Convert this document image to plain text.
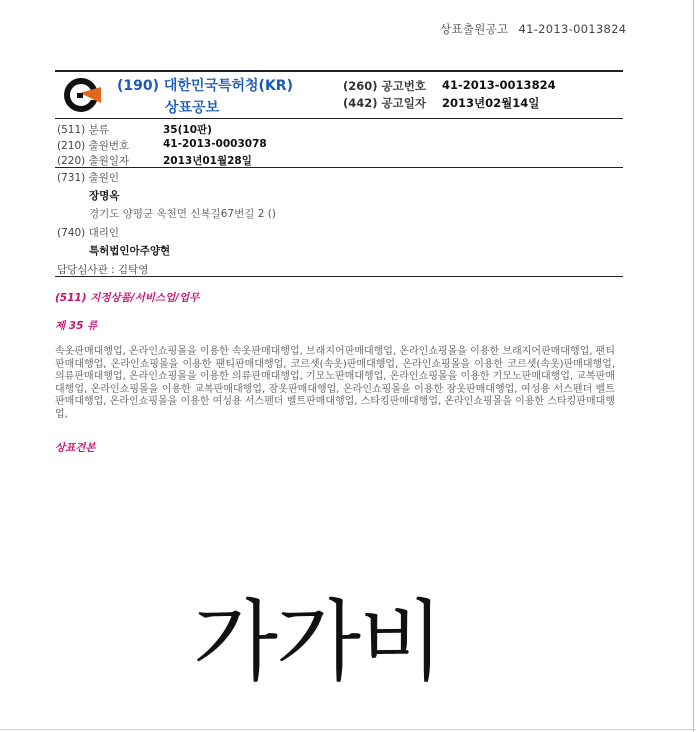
상표출원공고 41-2013-0013824
(190) 대한민국특허청(KR)
상표공보
(260) 공고번호 41-2013-0013824
(442) 공고일자 2013년02월14일
(511) 분류	35(10판)
(210) 출원번호	41-2013-0003078
(220) 출원일자	2013년01월28일
(731) 출원인
장명옥
경기도 양평군 옥천면 신복길67번길 2 ()
(740) 대리인
특허법인아주양현
담당심사관 : 김탁영
(511) 지정상품/서비스업/업무
제 35 류
속옷판매대행업, 온라인쇼핑몰을 이용한 속옷판매대행업, 브래지어판매대행업, 온라인쇼핑몰을 이용한 브래지어판매대행업, 팬티판매대행업, 온라인쇼핑몰을 이용한 팬티판매대행업, 코르셋(속옷)판매대행업, 온라인쇼핑몰을 이용한 코르셋(속옷)판매대행업, 의류판매대행업, 온라인쇼핑몰을 이용한 의류판매대행업, 기모노판매대행업, 온라인쇼핑몰을 이용한 기모노판매대행업, 교복판매대행업, 온라인쇼핑몰을 이용한 교복판매대행업, 잠옷판매대행업, 온라인쇼핑몰을 이용한 잠옷판매대행업, 여성용 서스펜더 벨트판매대행업, 온라인쇼핑몰을 이용한 여성용 서스펜더 벨트판매대행업, 스타킹판매대행업, 온라인쇼핑몰을 이용한 스타킹판매대행업,
상표견본
가가비
